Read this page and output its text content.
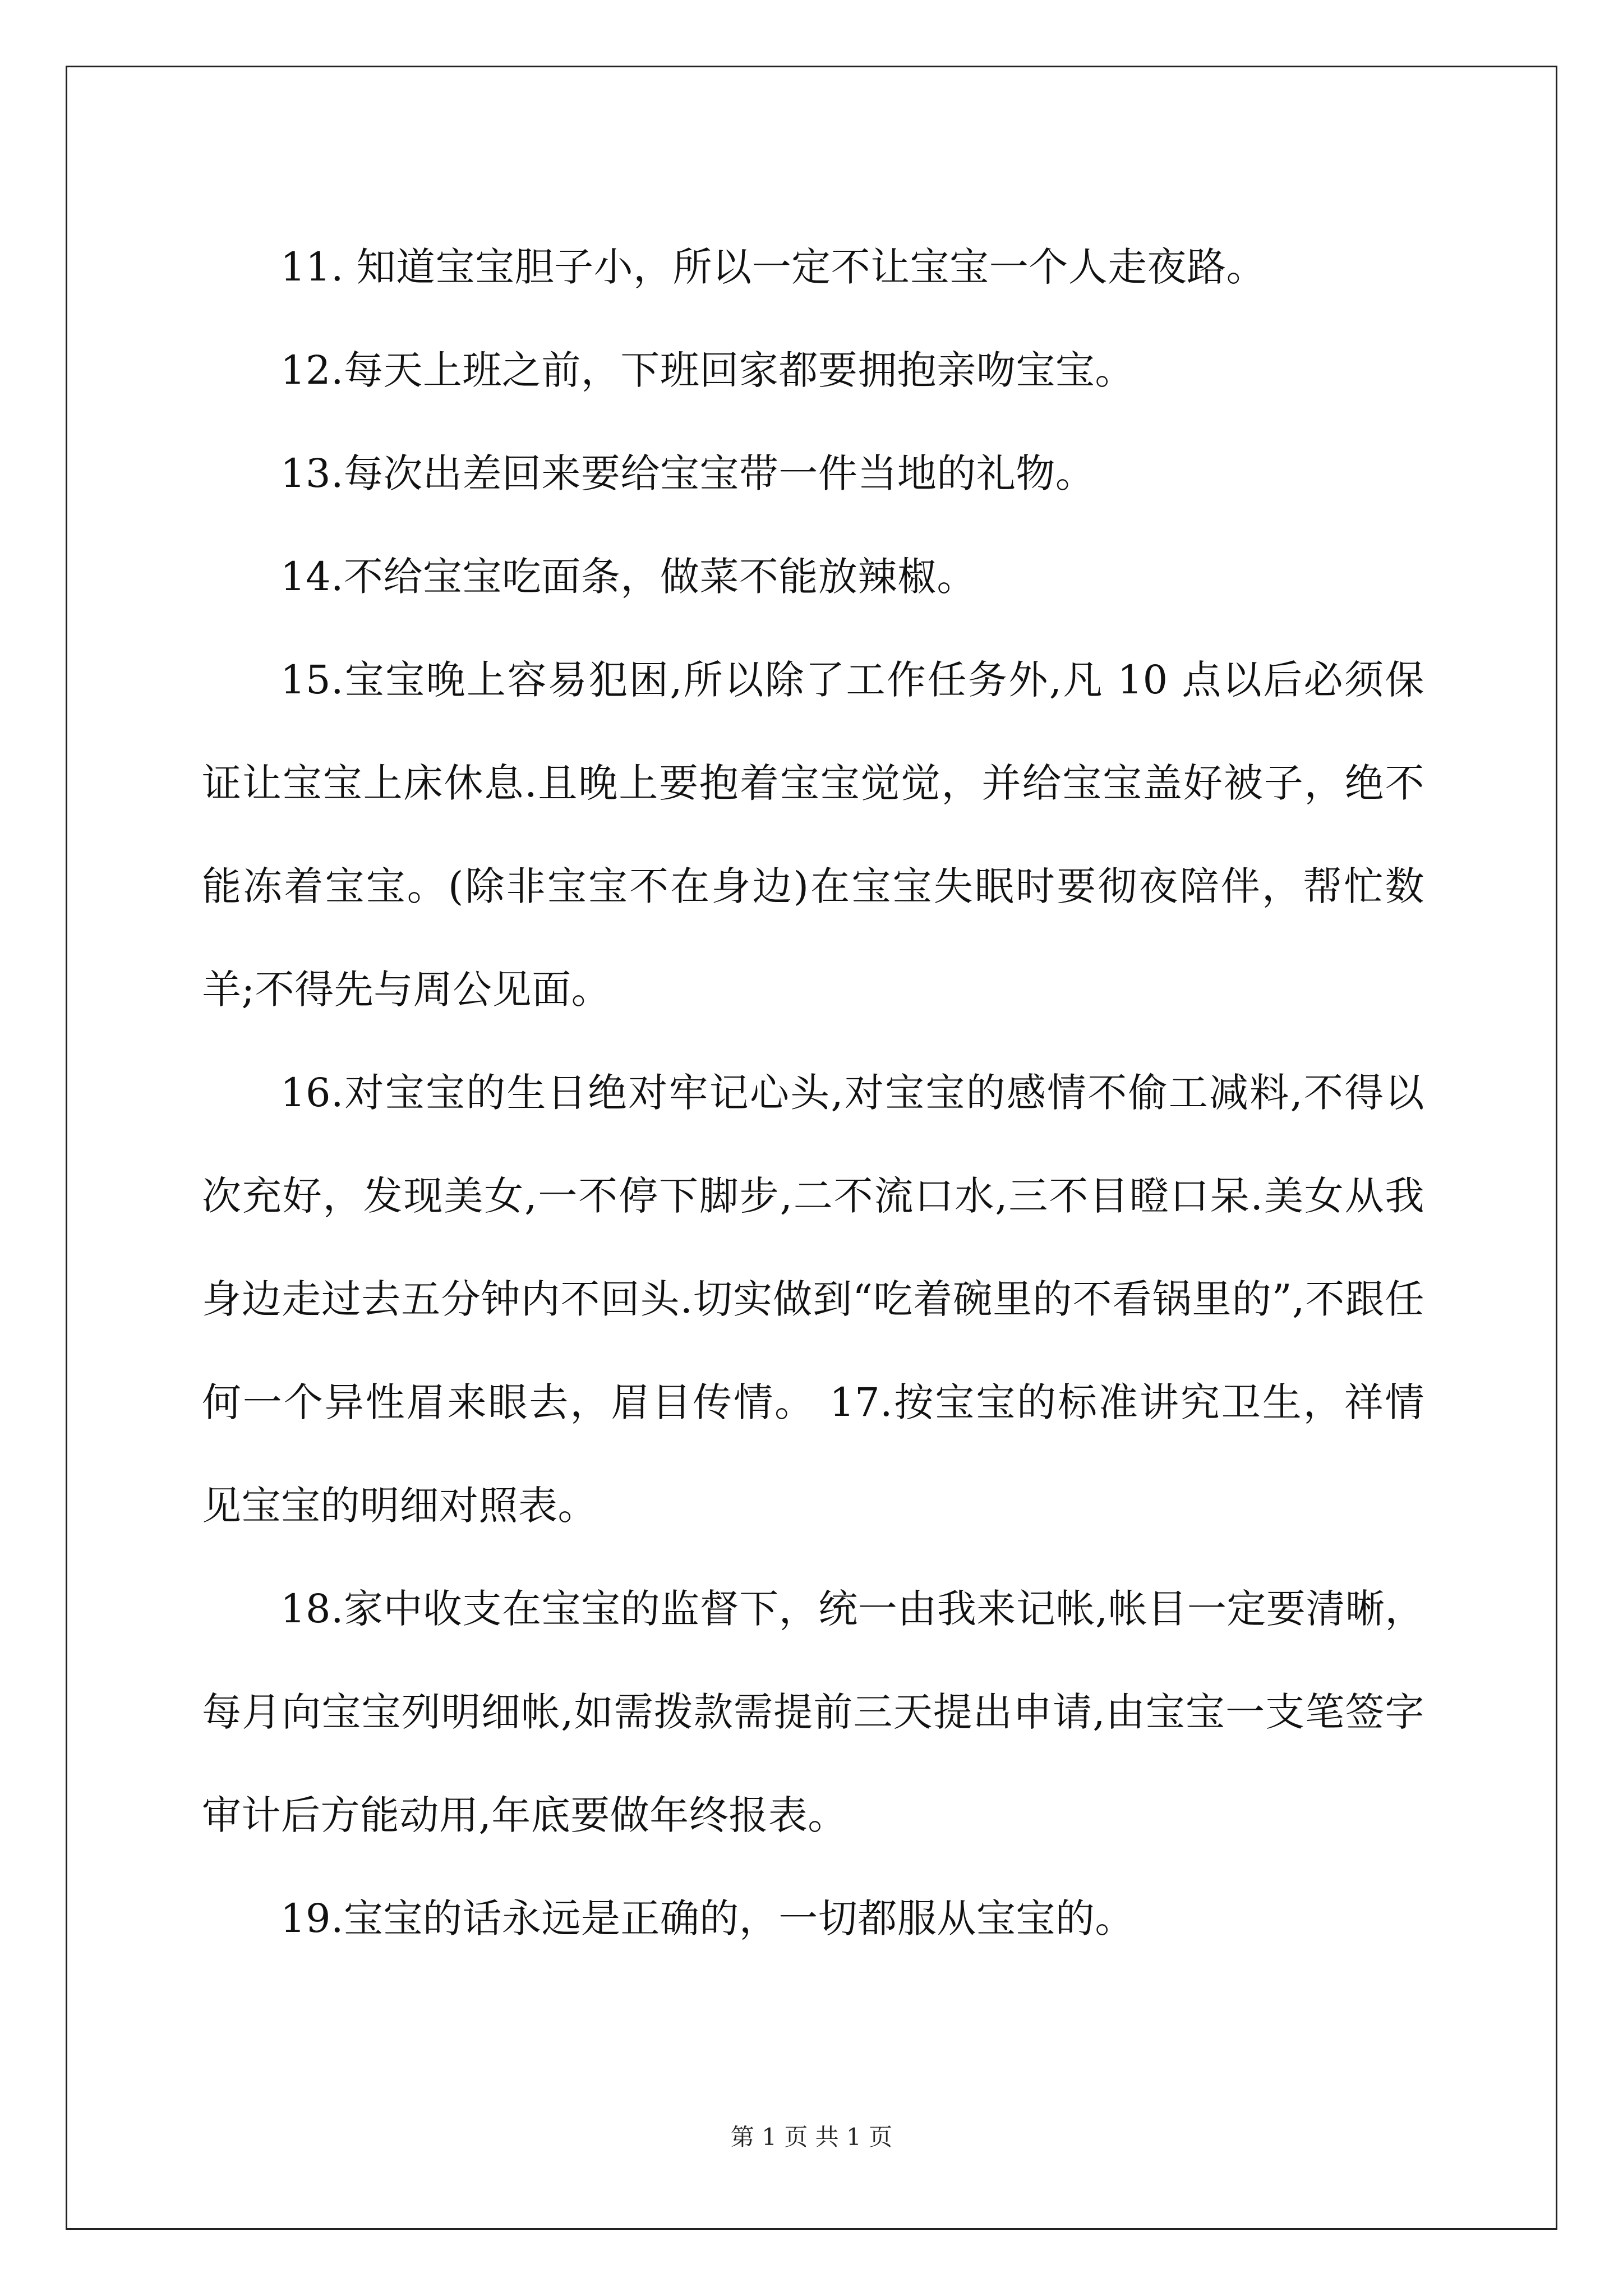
11. 知道宝宝胆子小，所以一定不让宝宝一个人走夜路。

12.每天上班之前，下班回家都要拥抱亲吻宝宝。

13.每次出差回来要给宝宝带一件当地的礼物。

14.不给宝宝吃面条，做菜不能放辣椒。

15.宝宝晚上容易犯困,所以除了工作任务外,凡 10 点以后必须保证让宝宝上床休息.且晚上要抱着宝宝觉觉，并给宝宝盖好被子，绝不能冻着宝宝。(除非宝宝不在身边)在宝宝失眠时要彻夜陪伴，帮忙数羊;不得先与周公见面。

16.对宝宝的生日绝对牢记心头,对宝宝的感情不偷工减料,不得以次充好，发现美女,一不停下脚步,二不流口水,三不目瞪口呆.美女从我身边走过去五分钟内不回头.切实做到“吃着碗里的不看锅里的”,不跟任何一个异性眉来眼去，眉目传情。 17.按宝宝的标准讲究卫生，祥情见宝宝的明细对照表。

18.家中收支在宝宝的监督下，统一由我来记帐,帐目一定要清晰，每月向宝宝列明细帐,如需拨款需提前三天提出申请,由宝宝一支笔签字审计后方能动用,年底要做年终报表。

19.宝宝的话永远是正确的，一切都服从宝宝的。

第 1 页 共 1 页
